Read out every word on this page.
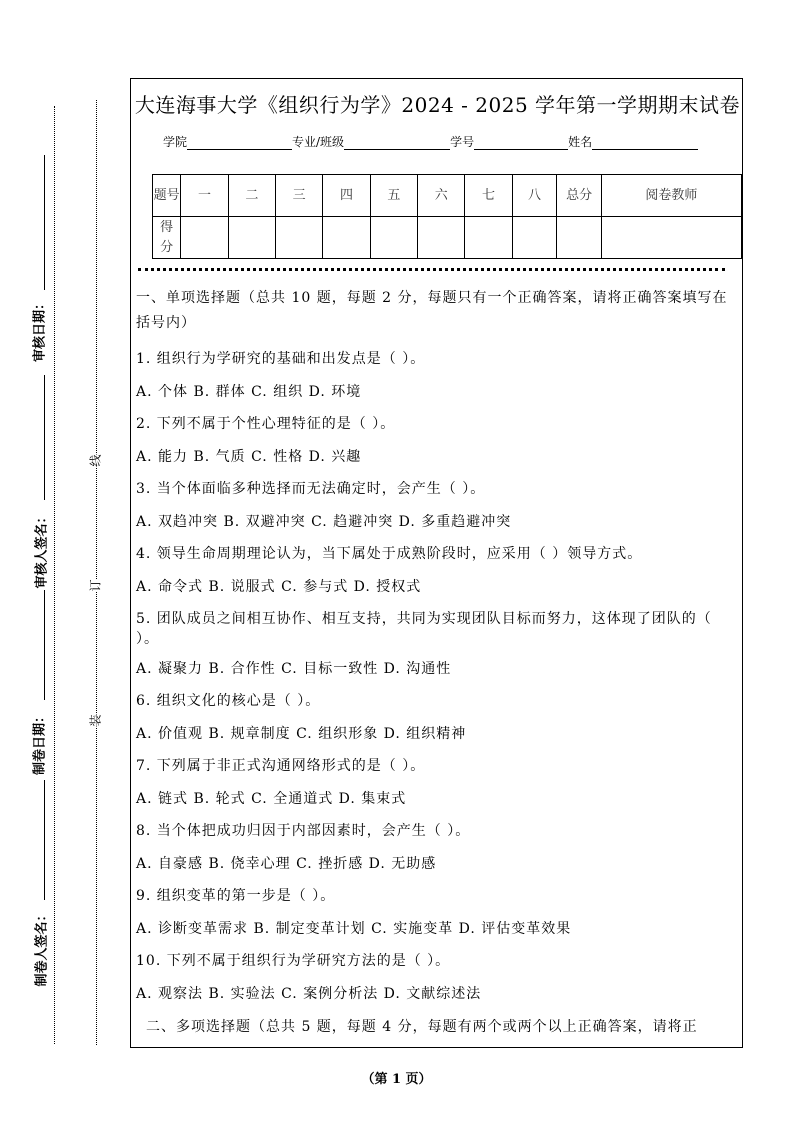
审核日期：
审核人签名：
制卷日期：
制卷人签名：
线
订
装
大连海事大学《组织行为学》2024 - 2025 学年第一学期期末试卷
学院	专业/班级	学号	姓名
题号	一	二	三	四	五	六	七	八	总分	阅卷教师
得分										
一、单项选择题（总共 10 题，每题 2 分，每题只有一个正确答案，请将正确答案填写在括号内）
1. 组织行为学研究的基础和出发点是（ ）。
A. 个体 B. 群体 C. 组织 D. 环境
2. 下列不属于个性心理特征的是（ ）。
A. 能力 B. 气质 C. 性格 D. 兴趣
3. 当个体面临多种选择而无法确定时，会产生（ ）。
A. 双趋冲突 B. 双避冲突 C. 趋避冲突 D. 多重趋避冲突
4. 领导生命周期理论认为，当下属处于成熟阶段时，应采用（ ）领导方式。
A. 命令式 B. 说服式 C. 参与式 D. 授权式
5. 团队成员之间相互协作、相互支持，共同为实现团队目标而努力，这体现了团队的（ ）。
A. 凝聚力 B. 合作性 C. 目标一致性 D. 沟通性
6. 组织文化的核心是（ ）。
A. 价值观 B. 规章制度 C. 组织形象 D. 组织精神
7. 下列属于非正式沟通网络形式的是（ ）。
A. 链式 B. 轮式 C. 全通道式 D. 集束式
8. 当个体把成功归因于内部因素时，会产生（ ）。
A. 自豪感 B. 侥幸心理 C. 挫折感 D. 无助感
9. 组织变革的第一步是（ ）。
A. 诊断变革需求 B. 制定变革计划 C. 实施变革 D. 评估变革效果
10. 下列不属于组织行为学研究方法的是（ ）。
A. 观察法 B. 实验法 C. 案例分析法 D. 文献综述法
二、多项选择题（总共 5 题，每题 4 分，每题有两个或两个以上正确答案，请将正
（第 1 页）
